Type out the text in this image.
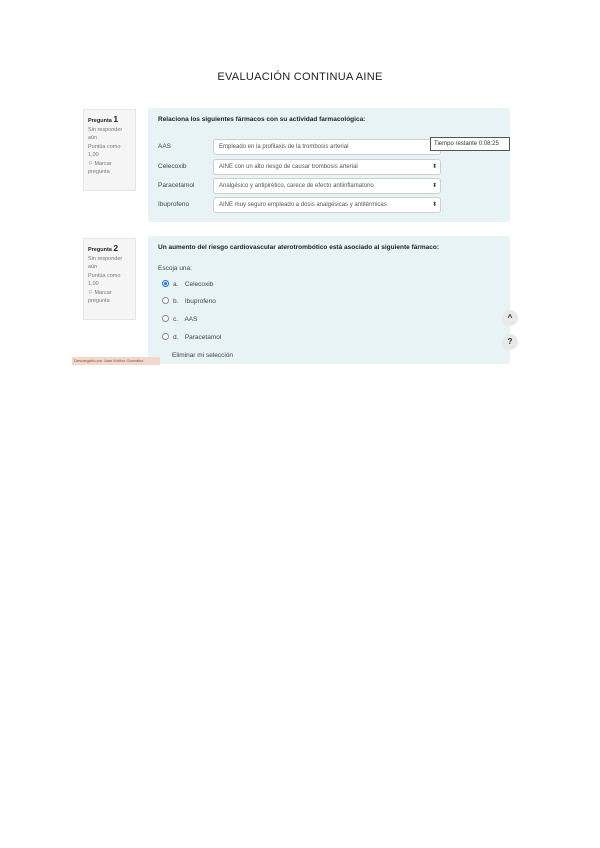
EVALUACIÓN CONTINUA AINE
Pregunta 1
Sin responder aún
Puntúa como 1,00
⚐ Marcar pregunta
Relaciona los siguientes fármacos con su actividad farmacológica:
AAS	Empleado en la profilaxis de la trombosis arterial
Celecoxib	AINE con un alto riesgo de causar trombosis arterial	⬍
Paracetamol	Analgésico y antipirético, carece de efecto antiinflamatorio	⬍
Ibuprofeno	AINE muy seguro empleado a dosis analgésicas y antitérmicas	⬍
Tiempo restante 0:08:25
Pregunta 2
Sin responder aún
Puntúa como 1,00
⚐ Marcar pregunta
Un aumento del riesgo cardiovascular aterotrombótico está asociado al siguiente fármaco:
Escoja una:
a. Celecoxib
b. Ibuprofeno
c. AAS
d. Paracetamol
Eliminar mi selección
^
?
Descargado por Juan Muñoz González
